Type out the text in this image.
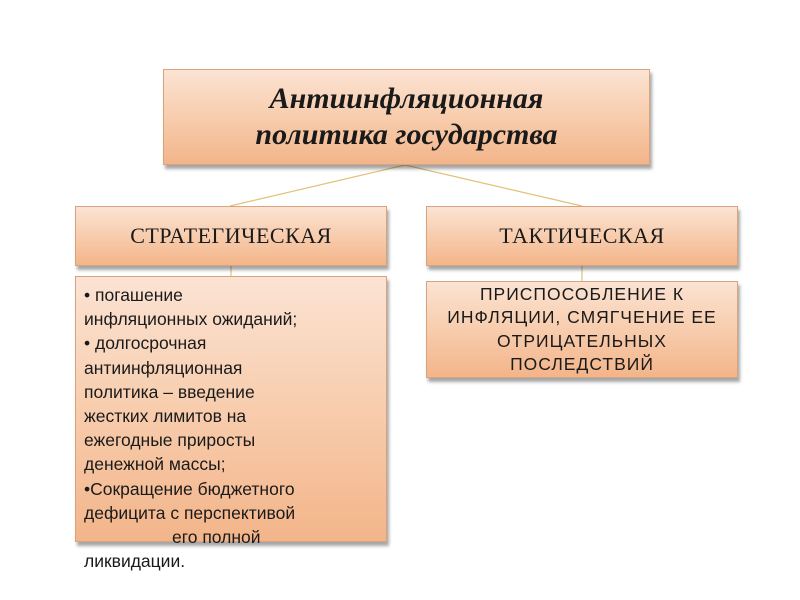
Антиинфляционная
политика государства
СТРАТЕГИЧЕСКАЯ	ТАКТИЧЕСКАЯ
• погашение
инфляционных ожиданий;
• долгосрочная
антиинфляционная
политика – введение
жестких лимитов на
ежегодные приросты
денежной массы;
•Сокращение бюджетного
дефицита с перспективой
его полной
ликвидации.
ПРИСПОСОБЛЕНИЕ К
ИНФЛЯЦИИ, СМЯГЧЕНИЕ ЕЕ
ОТРИЦАТЕЛЬНЫХ
ПОСЛЕДСТВИЙ
